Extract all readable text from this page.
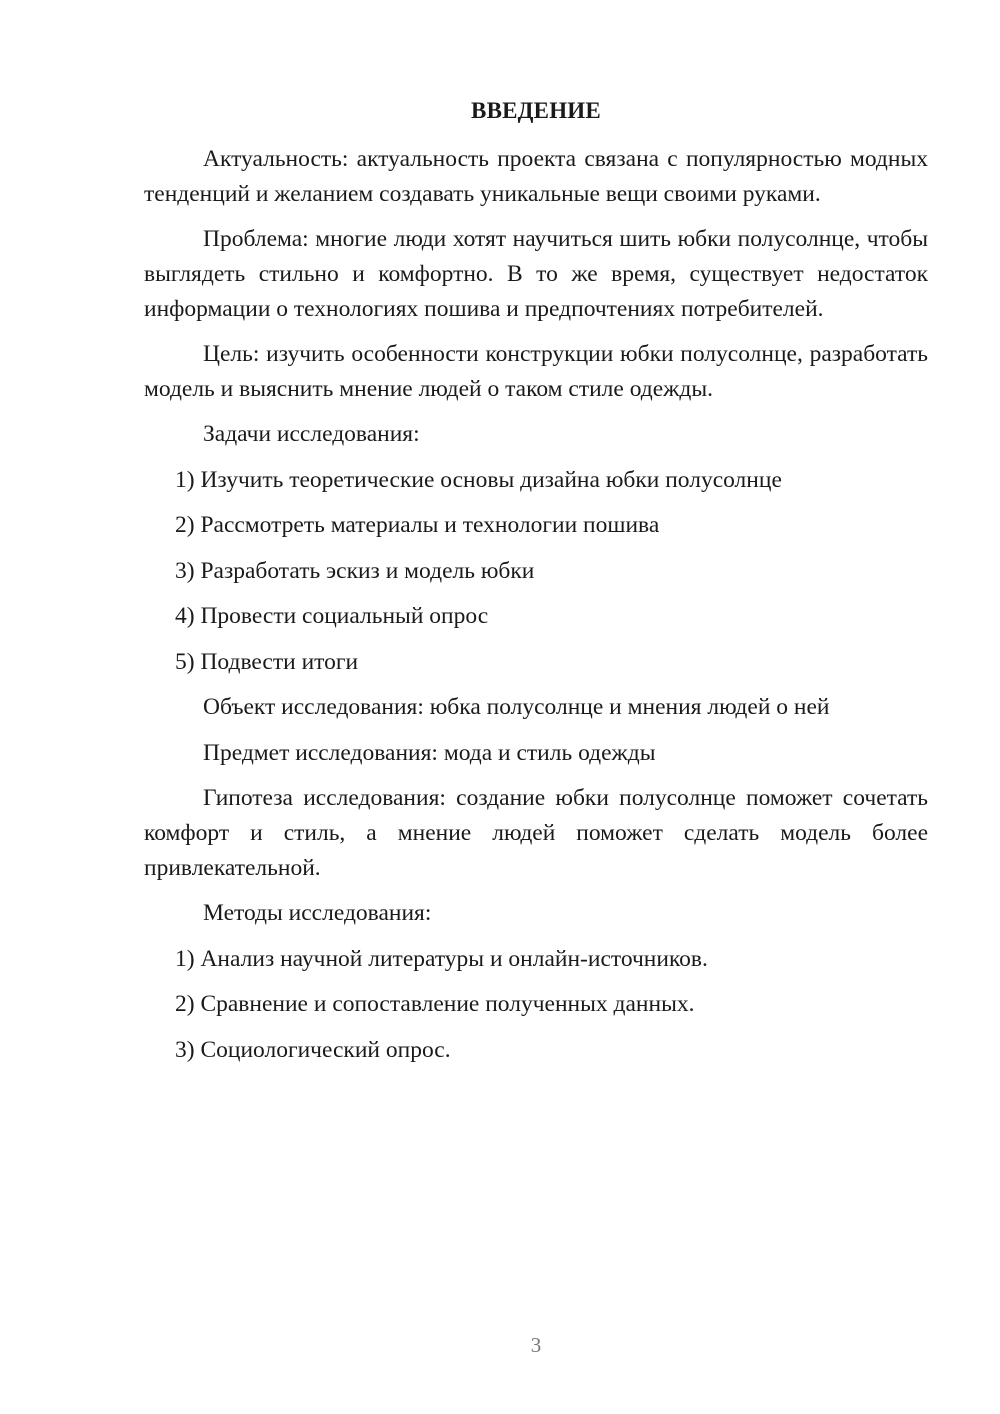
ВВЕДЕНИЕ

Актуальность: актуальность проекта связана с популярностью модных тенденций и желанием создавать уникальные вещи своими руками.

Проблема: многие люди хотят научиться шить юбки полусолнце, чтобы выглядеть стильно и комфортно. В то же время, существует недостаток информации о технологиях пошива и предпочтениях потребителей.

Цель: изучить особенности конструкции юбки полусолнце, разработать модель и выяснить мнение людей о таком стиле одежды.

Задачи исследования:
1) Изучить теоретические основы дизайна юбки полусолнце
2) Рассмотреть материалы и технологии пошива
3) Разработать эскиз и модель юбки
4) Провести социальный опрос
5) Подвести итоги
Объект исследования: юбка полусолнце и мнения людей о ней
Предмет исследования: мода и стиль одежды

Гипотеза исследования: создание юбки полусолнце поможет сочетать комфорт и стиль, а мнение людей поможет сделать модель более привлекательной.

Методы исследования:
1) Анализ научной литературы и онлайн-источников.
2) Сравнение и сопоставление полученных данных.
3) Социологический опрос.
3
